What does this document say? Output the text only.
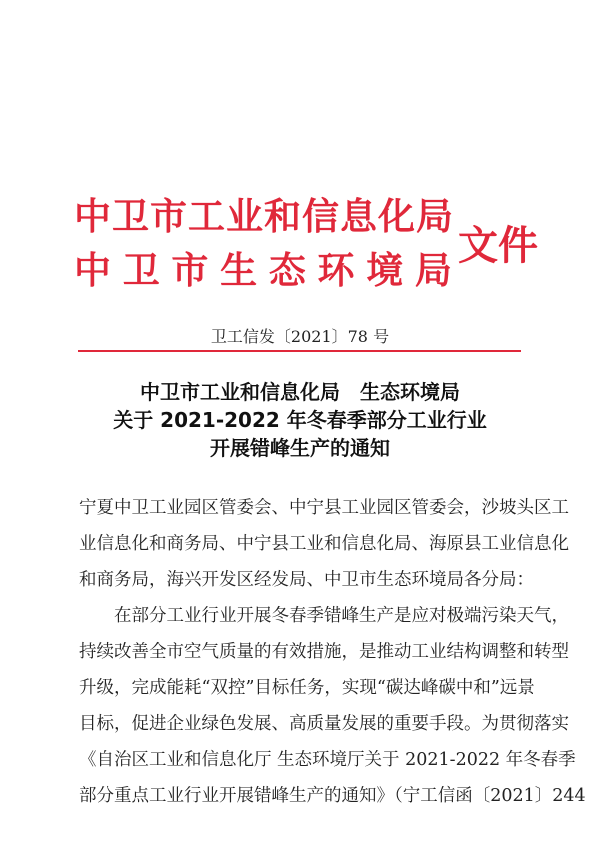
中卫市工业和信息化局
中 卫 市 生 态 环 境 局
文件
卫工信发〔2021〕78 号
中卫市工业和信息化局　生态环境局
关于 2021-2022 年冬春季部分工业行业
开展错峰生产的通知
宁夏中卫工业园区管委会、中宁县工业园区管委会，沙坡头区工
业信息化和商务局、中宁县工业和信息化局、海原县工业信息化
和商务局，海兴开发区经发局、中卫市生态环境局各分局：
在部分工业行业开展冬春季错峰生产是应对极端污染天气，
持续改善全市空气质量的有效措施，是推动工业结构调整和转型
升级，完成能耗“双控”目标任务，实现“碳达峰碳中和”远景
目标，促进企业绿色发展、高质量发展的重要手段。为贯彻落实
《自治区工业和信息化厅 生态环境厅关于 2021-2022 年冬春季
部分重点工业行业开展错峰生产的通知》（宁工信函〔2021〕244
